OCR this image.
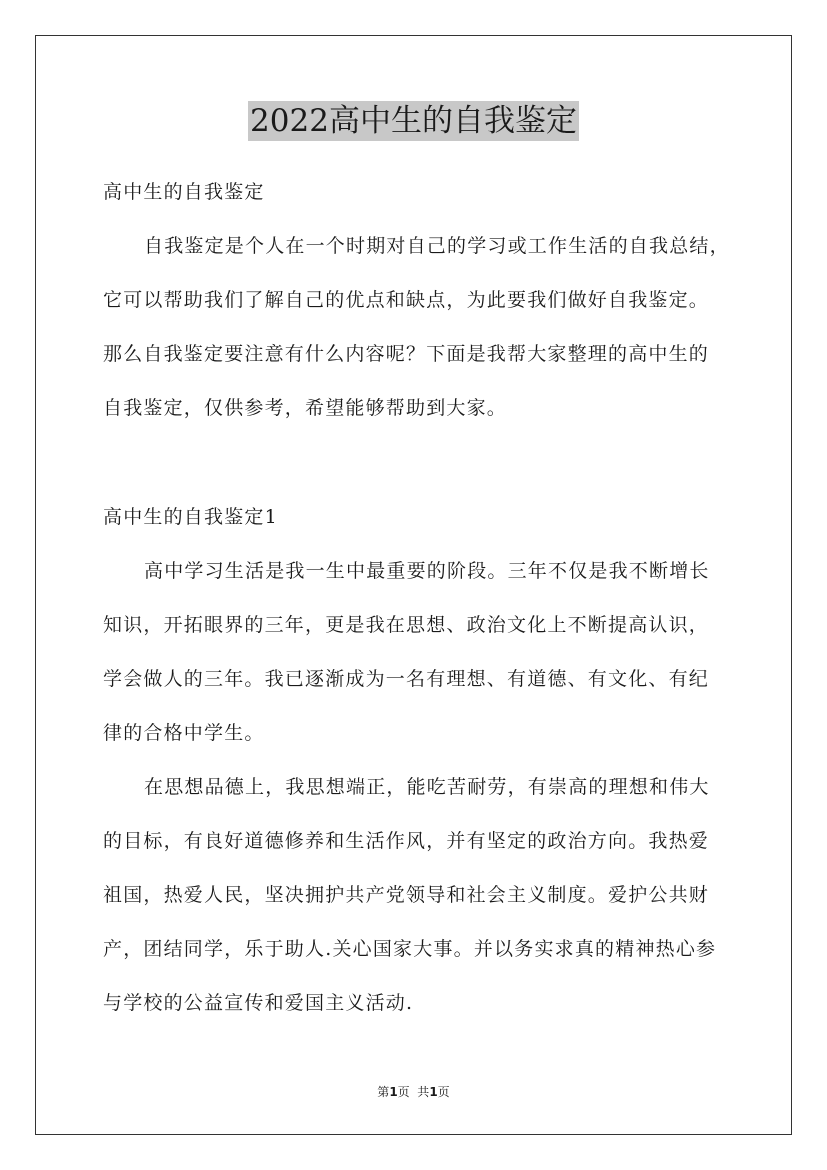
2022高中生的自我鉴定
高中生的自我鉴定
自我鉴定是个人在一个时期对自己的学习或工作生活的自我总结，
它可以帮助我们了解自己的优点和缺点，为此要我们做好自我鉴定。
那么自我鉴定要注意有什么内容呢？下面是我帮大家整理的高中生的
自我鉴定，仅供参考，希望能够帮助到大家。
高中生的自我鉴定1
高中学习生活是我一生中最重要的阶段。三年不仅是我不断增长
知识，开拓眼界的三年，更是我在思想、政治文化上不断提高认识，
学会做人的三年。我已逐渐成为一名有理想、有道德、有文化、有纪
律的合格中学生。
在思想品德上，我思想端正，能吃苦耐劳，有崇高的理想和伟大
的目标，有良好道德修养和生活作风，并有坚定的政治方向。我热爱
祖国，热爱人民，坚决拥护共产党领导和社会主义制度。爱护公共财
产，团结同学，乐于助人.关心国家大事。并以务实求真的精神热心参
与学校的公益宣传和爱国主义活动.
第1页  共1页
